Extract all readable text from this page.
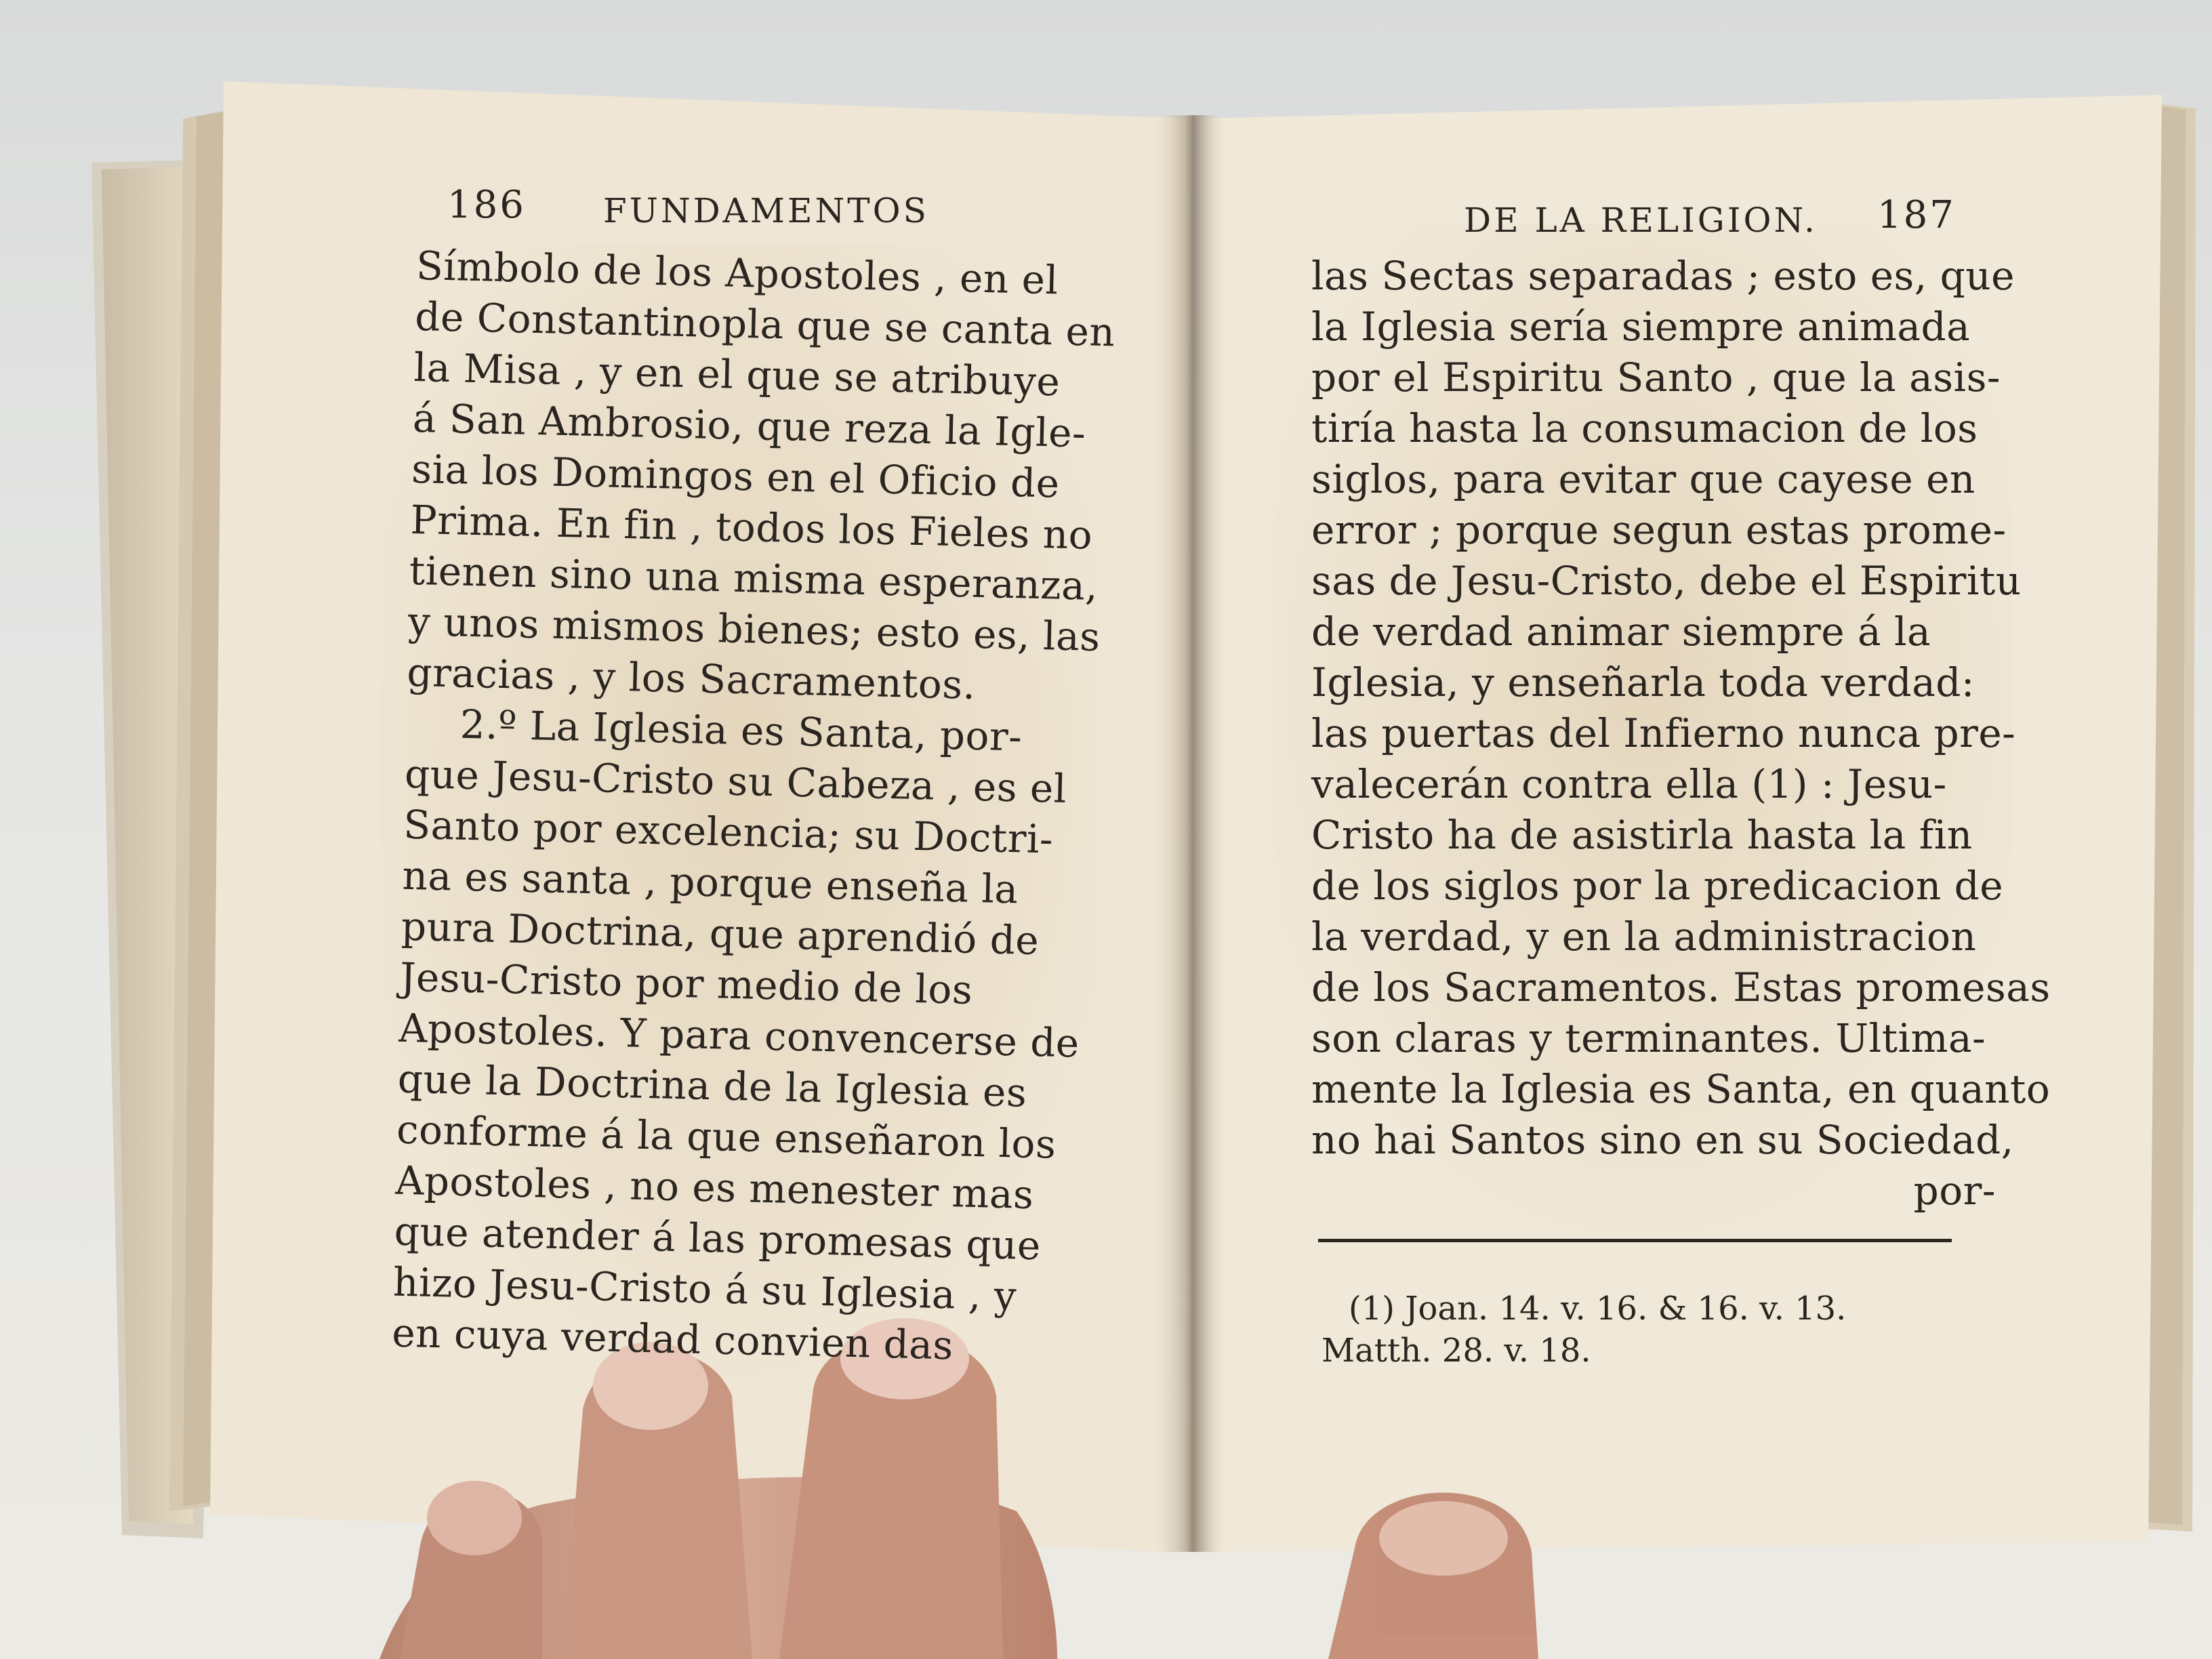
186 FUNDAMENTOS
Símbolo de los Apostoles , en el
de Constantinopla que se canta en
la Misa , y en el que se atribuye
á San Ambrosio, que reza la Igle-
sia los Domingos en el Oficio de
Prima. En fin , todos los Fieles no
tienen sino una misma esperanza,
y unos mismos bienes; esto es, las
gracias , y los Sacramentos.
2.º La Iglesia es Santa, por-
que Jesu-Cristo su Cabeza , es el
Santo por excelencia; su Doctri-
na es santa , porque enseña la
pura Doctrina, que aprendió de
Jesu-Cristo por medio de los
Apostoles. Y para convencerse de
que la Doctrina de la Iglesia es
conforme á la que enseñaron los
Apostoles , no es menester mas
que atender á las promesas que
hizo Jesu-Cristo á su Iglesia , y
en cuya verdad convien das
DE LA RELIGION. 187
las Sectas separadas ; esto es, que
la Iglesia sería siempre animada
por el Espiritu Santo , que la asis-
tiría hasta la consumacion de los
siglos, para evitar que cayese en
error ; porque segun estas prome-
sas de Jesu-Cristo, debe el Espiritu
de verdad animar siempre á la
Iglesia, y enseñarla toda verdad:
las puertas del Infierno nunca pre-
valecerán contra ella (1) : Jesu-
Cristo ha de asistirla hasta la fin
de los siglos por la predicacion de
la verdad, y en la administracion
de los Sacramentos. Estas promesas
son claras y terminantes. Ultima-
mente la Iglesia es Santa, en quanto
no hai Santos sino en su Sociedad,
por-
(1) Joan. 14. v. 16. & 16. v. 13.
Matth. 28. v. 18.
